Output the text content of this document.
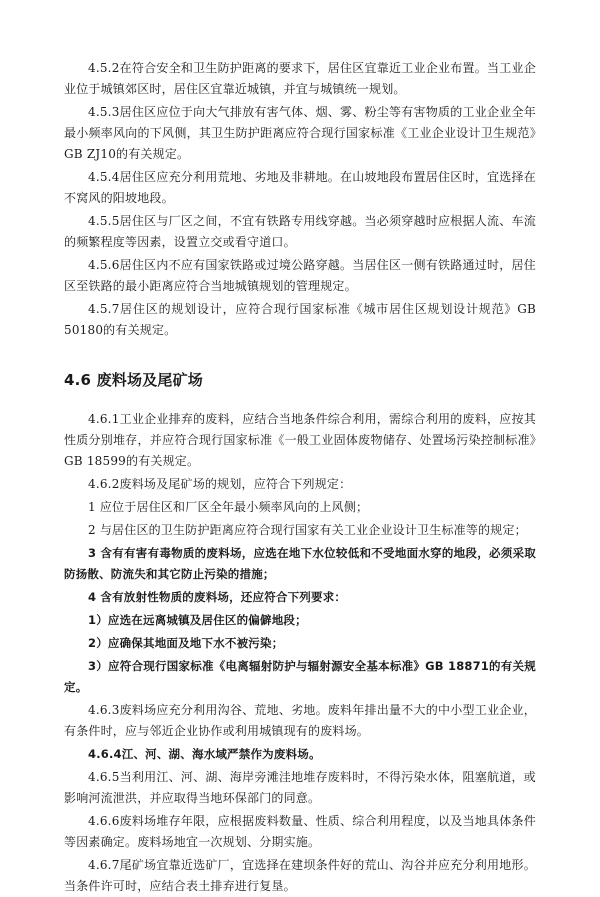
4.5.2在符合安全和卫生防护距离的要求下，居住区宜靠近工业企业布置。当工业企业位于城镇郊区时，居住区宜靠近城镇，并宜与城镇统一规划。

4.5.3居住区应位于向大气排放有害气体、烟、雾、粉尘等有害物质的工业企业全年最小频率风向的下风侧，其卫生防护距离应符合现行国家标准《工业企业设计卫生规范》GB ZJ10的有关规定。

4.5.4居住区应充分利用荒地、劣地及非耕地。在山坡地段布置居住区时，宜选择在不窝风的阳坡地段。

4.5.5居住区与厂区之间，不宜有铁路专用线穿越。当必须穿越时应根据人流、车流的频繁程度等因素，设置立交或看守道口。

4.5.6居住区内不应有国家铁路或过境公路穿越。当居住区一侧有铁路通过时，居住区至铁路的最小距离应符合当地城镇规划的管理规定。

4.5.7居住区的规划设计，应符合现行国家标准《城市居住区规划设计规范》GB 50180的有关规定。

4.6 废料场及尾矿场

4.6.1工业企业排弃的废料，应结合当地条件综合利用，需综合利用的废料，应按其性质分别堆存，并应符合现行国家标准《一般工业固体废物储存、处置场污染控制标准》GB 18599的有关规定。

4.6.2废料场及尾矿场的规划，应符合下列规定：

1 应位于居住区和厂区全年最小频率风向的上风侧；

2 与居住区的卫生防护距离应符合现行国家有关工业企业设计卫生标准等的规定；

3 含有有害有毒物质的废料场，应选在地下水位较低和不受地面水穿的地段，必须采取防扬散、防流失和其它防止污染的措施；

4 含有放射性物质的废料场，还应符合下列要求：

1）应选在远离城镇及居住区的偏僻地段；

2）应确保其地面及地下水不被污染；

3）应符合现行国家标准《电离辐射防护与辐射源安全基本标准》GB 18871的有关规定。

4.6.3废料场应充分利用沟谷、荒地、劣地。废料年排出量不大的中小型工业企业，有条件时，应与邻近企业协作或利用城镇现有的废料场。

4.6.4江、河、湖、海水域严禁作为废料场。

4.6.5当利用江、河、湖、海岸旁滩洼地堆存废料时，不得污染水体，阻塞航道，或影响河流泄洪，并应取得当地环保部门的同意。

4.6.6废料场堆存年限，应根据废料数量、性质、综合利用程度，以及当地具体条件等因素确定。废料场地宜一次规划、分期实施。

4.6.7尾矿场宜靠近选矿厂，宜选择在建坝条件好的荒山、沟谷并应充分利用地形。当条件许可时，应结合表土排弃进行复垦。
